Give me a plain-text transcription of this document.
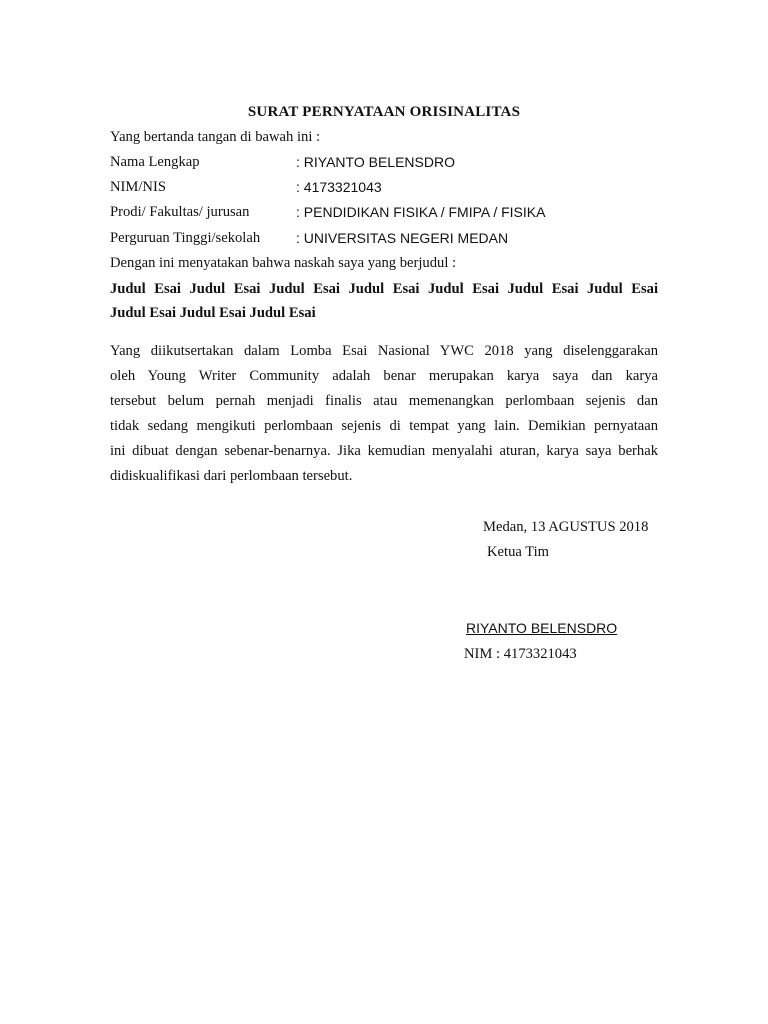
SURAT PERNYATAAN ORISINALITAS
Yang bertanda tangan di bawah ini :
Nama Lengkap	: RIYANTO BELENSDRO
NIM/NIS	: 4173321043
Prodi/ Fakultas/ jurusan	: PENDIDIKAN FISIKA / FMIPA / FISIKA
Perguruan Tinggi/sekolah	: UNIVERSITAS NEGERI MEDAN
Dengan ini menyatakan bahwa naskah saya yang berjudul :
Judul Esai Judul Esai Judul Esai Judul Esai Judul Esai Judul Esai Judul Esai
Judul Esai Judul Esai Judul Esai
Yang diikutsertakan dalam Lomba Esai Nasional YWC 2018 yang diselenggarakan
oleh Young Writer Community adalah benar merupakan karya saya dan karya
tersebut belum pernah menjadi finalis atau memenangkan perlombaan sejenis dan
tidak sedang mengikuti perlombaan sejenis di tempat yang lain. Demikian pernyataan
ini dibuat dengan sebenar-benarnya. Jika kemudian menyalahi aturan, karya saya berhak
didiskualifikasi dari perlombaan tersebut.
Medan, 13 AGUSTUS 2018
Ketua Tim
RIYANTO BELENSDRO
NIM : 4173321043
